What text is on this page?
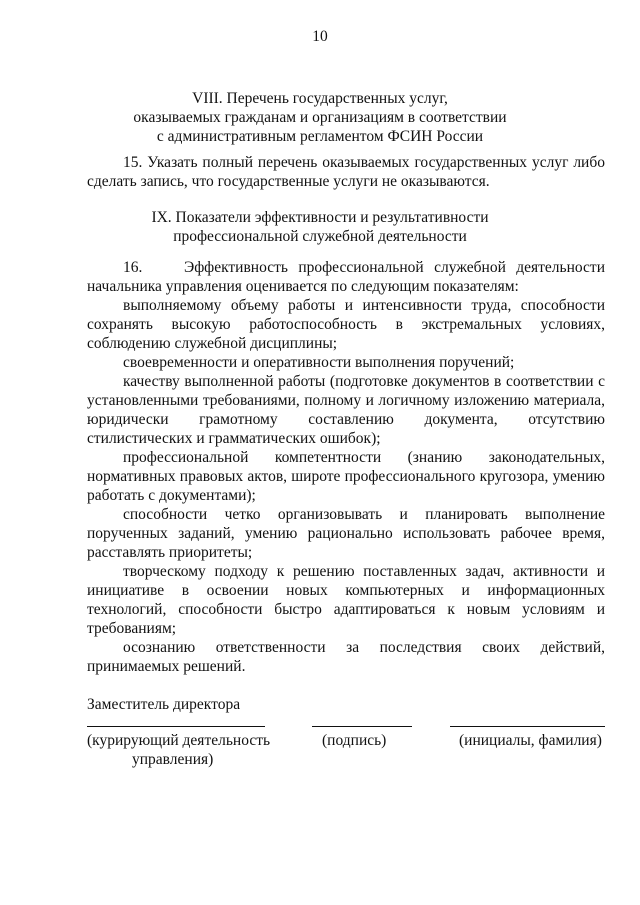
10
VIII. Перечень государственных услуг,
оказываемых гражданам и организациям в соответствии
с административным регламентом ФСИН России

15. Указать полный перечень оказываемых государственных услуг либо сделать запись, что государственные услуги не оказываются.

IX. Показатели эффективности и результативности
профессиональной служебной деятельности

16.    Эффективность профессиональной служебной деятельности начальника управления оценивается по следующим показателям:

выполняемому объему работы и интенсивности труда, способности сохранять высокую работоспособность в экстремальных условиях, соблюдению служебной дисциплины;

своевременности и оперативности выполнения поручений;

качеству выполненной работы (подготовке документов в соответствии с установленными требованиями, полному и логичному изложению материала, юридически грамотному составлению документа, отсутствию стилистических и грамматических ошибок);

профессиональной компетентности (знанию законодательных, нормативных правовых актов, широте профессионального кругозора, умению работать с документами);

способности четко организовывать и планировать выполнение порученных заданий, умению рационально использовать рабочее время, расставлять приоритеты;

творческому подходу к решению поставленных задач, активности и инициативе в освоении новых компьютерных и информационных технологий, способности быстро адаптироваться к новым условиям и требованиям;

осознанию ответственности за последствия своих действий, принимаемых решений.

Заместитель директора
(курирующий деятельность
управления)
(подпись)	(инициалы, фамилия)
